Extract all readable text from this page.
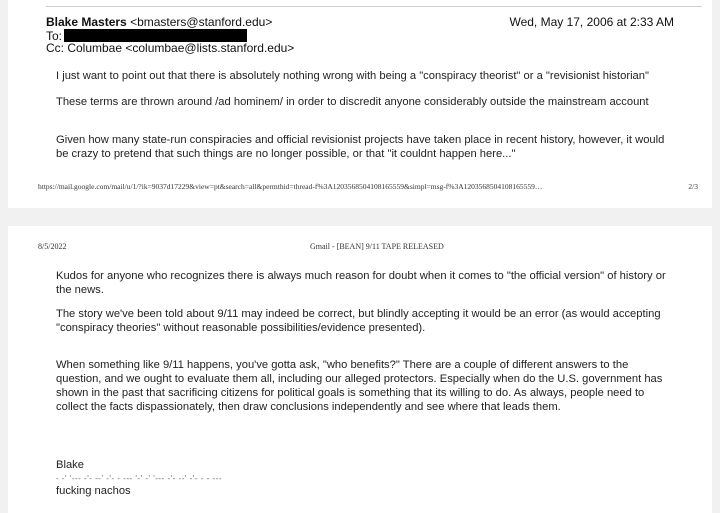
Blake Masters <bmasters@stanford.edu>	Wed, May 17, 2006 at 2:33 AM
To:
Cc: Columbae <columbae@lists.stanford.edu>

I just want to point out that there is absolutely nothing wrong with being a "conspiracy theorist" or a "revisionist historian"

These terms are thrown around /ad hominem/ in order to discredit anyone considerably outside the mainstream account

Given how many state-run conspiracies and official revisionist projects have taken place in recent history, however, it would be crazy to pretend that such things are no longer possible, or that "it couldnt happen here..."

https://mail.google.com/mail/u/1/?ik=9037d17229&view=pt&search=all&permthid=thread-f%3A1203568504108165559&simpl=msg-f%3A1203568504108165559…	2/3
8/5/2022	Gmail - [BEAN] 9/11 TAPE RELEASED

Kudos for anyone who recognizes there is always much reason for doubt when it comes to "the official version" of history or the news.

The story we've been told about 9/11 may indeed be correct, but blindly accepting it would be an error (as would accepting "conspiracy theories" without reasonable possibilities/evidence presented).

When something like 9/11 happens, you've gotta ask, "who benefits?" There are a couple of different answers to the question, and we ought to evaluate them all, including our alleged protectors. Especially when do the U.S. government has shown in the past that sacrificing citizens for political goals is something that its willing to do. As always, people need to collect the facts dispassionately, then draw conclusions independently and see where that leads them.

Blake
- -' '--- -'- --' -'- - --- '-' -' '--- -'- --' -'- - - ---
fucking nachos
